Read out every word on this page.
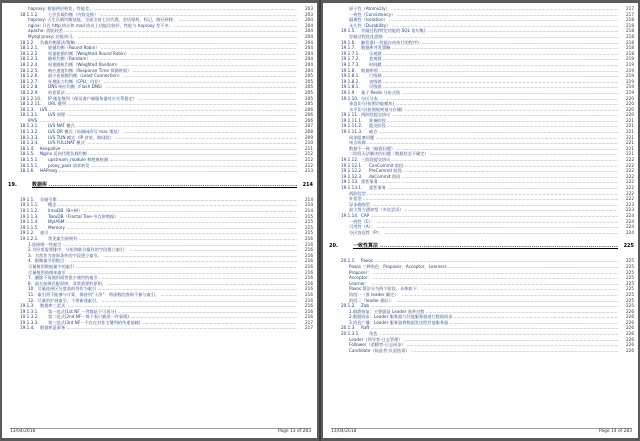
haproxy: 根据两层转发，性能差。 .....	203
18.1.1.2. 七层负载均衡（内容交换） .....	203
haproxy: 天生负载均衡技能，全面支持七层代理，会话保持，标记，路径转移； .....	204
nginx: 只在 http 协议和 mail 协议上功能比较好，性能与 haproxy 差不多； .....	204
apache: 功能较差 .....	204
Mysql proxy: 功能尚可。 .....	204
18.1.2. 负载均衡算法/策略 .....	204
18.1.2.1. 轮循均衡（Round Robin） .....	204
18.1.2.2. 权重轮循均衡（Weighted Round Robin） .....	204
18.1.2.3. 随机均衡（Random） .....	204
18.1.2.4. 权重随机均衡（Weighted Random） .....	204
18.1.2.5. 响应速度均衡（Response Time 探测时间） .....	204
18.1.2.6. 最少连接数均衡（Least Connection） .....	205
18.1.2.7. 处理能力均衡（CPU、内存） .....	205
18.1.2.8. DNS 响应均衡（Flash DNS） .....	205
18.1.2.9. 哈希算法 .....	205
18.1.2.10. IP 地址散列（保证客户端服务器对应关系稳定） .....	205
18.1.2.11. URL 散列 .....	205
18.1.3. LVS .....	206
18.1.3.1. LVS 原理 .....	206
IPVS .....	206
18.1.3.1. LVS NAT 模式 .....	207
18.1.3.2. LVS DR 模式（局域网改写 mac 地址） .....	208
18.1.3.3. LVS TUN 模式（IP 封装、跨网段） .....	209
18.1.3.4. LVS FULLNAT 模式 .....	210
18.1.4. Keepalive .....	211
18.1.5. Nginx 反向代理负载均衡 .....	212
18.1.5.1. upstream_module 和健康检测 .....	212
18.1.5.1. proxy_pass 请求转发 .....	212
18.1.6. HAProxy .....	213
19.	数据库 .....	214
19.1.1. 存储引擎 .....	214
19.1.1.1. 概念 .....	214
19.1.1.2. InnoDB（B+树） .....	214
19.1.1.3. TokuDB（Fractal Tree-节点带数据） .....	215
19.1.1.4. MyIASM .....	215
19.1.1.5. Memory .....	215
19.1.2. 索引 .....	215
19.1.2.1. 常见索引原则有 .....	216
1.选择唯一性索引 .....	216
2.为经常需要排序、分组和联合操作的字段建立索引： .....	216
3．为常作为查询条件的字段建立索引。 .....	216
4．限制索引的数目： .....	216
尽量使用数据量少的索引 .....	216
尽量使用前缀来索引 .....	216
7．删除不再使用或者很少使用的索引 .....	216
8．最左前缀匹配原则，非常重要的原则。 .....	216
10．尽量选择区分度高的列作为索引 .....	216
11．索引列不能参与计算，保持列“干净”：带函数的查询不参与索引。 .....	216
12．尽量的扩展索引，不要新建索引。 .....	216
19.1.3. 数据库三范式 .....	216
19.1.3.1. 第一范式(1st NF －列都是不可再分) .....	216
19.1.3.2. 第二范式(2nd NF－每个表只描述一件事情) .....	216
19.1.3.3. 第三范式(3rd NF－不存在对非主键列的传递依赖) .....	217
19.1.4. 数据库是事务 .....	217
13/04/2018	Page 13 of 283
原子性（Atomicity） .....	217
一致性（Consistency） .....	217
隔离性（Isolation） .....	218
永久性（Durability） .....	218
19.1.5. 存储过程(特定功能的 SQL 语句集) .....	218
存储过程优化思路： .....	218
19.1.6. 触发器(一段能自动执行的程序) .....	218
19.1.7. 数据库并发策略 .....	218
19.1.7.1. 乐观锁 .....	218
19.1.7.2. 悲观锁 .....	219
19.1.7.3. 时间戳 .....	219
19.1.8. 数据库锁 .....	219
19.1.8.1. 行级锁 .....	219
19.1.8.2. 表级锁 .....	219
19.1.8.1. 页级锁 .....	219
19.1.9. 基于 Redis 分布式锁 .....	219
19.1.10. 分区分表 .....	220
垂直切分(按照功能模块) .....	220
水平切分(按照规则划分存储) .....	220
19.1.11. 两阶段提交协议 .....	220
19.1.11.1. 准备阶段 .....	221
19.1.11.2. 提交阶段 .....	221
19.1.11.3. 缺点 .....	221
同步阻塞问题 .....	221
单点故障 .....	221
数据不一致（脑裂问题） .....	221
二阶段无法解决的问题（数据状态不确定） .....	221
19.1.12. 三阶段提交协议 .....	222
19.1.12.1. CanCommit 阶段 .....	222
19.1.12.2. PreCommit 阶段 .....	222
19.1.12.3. doCommit 阶段 .....	222
19.1.13. 柔性事务 .....	222
19.1.13.1. 柔性事务 .....	222
两阶段型 .....	222
补偿型 .....	222
异步确保型 .....	223
最大努力通知型（多次尝试） .....	223
19.1.14. CAP .....	224
一致性（C）： .....	224
可用性（A）： .....	224
分区容忍性（P）： .....	224
20.	一致性算法 .....	225
20.1.1. Paxos .....	225
Paxos 三种角色：Proposer，Acceptor，Learners .....	225
Proposer： .....	225
Acceptor： .....	225
Learner： .....	225
Paxos 算法分为两个阶段。具体如下： .....	225
阶段一（准 leader 确定）： .....	225
阶段二（leader 确认）： .....	225
20.1.2. Zab .....	225
1.崩溃恢复：主要就是 Leader 选举过程 .....	226
2.数据同步：Leader 服务器与其他服务器进行数据同步 .....	226
3.消息广播：Leader 服务器将数据发送给其他服务器 .....	226
20.1.3. Raft .....	226
20.1.3.1. 角色 .....	226
Leader（领导者-日志管理） .....	226
Follower（追随者-日志同步） .....	226
Candidate（候选者-负责选票） .....	226
13/04/2018	Page 14 of 283
